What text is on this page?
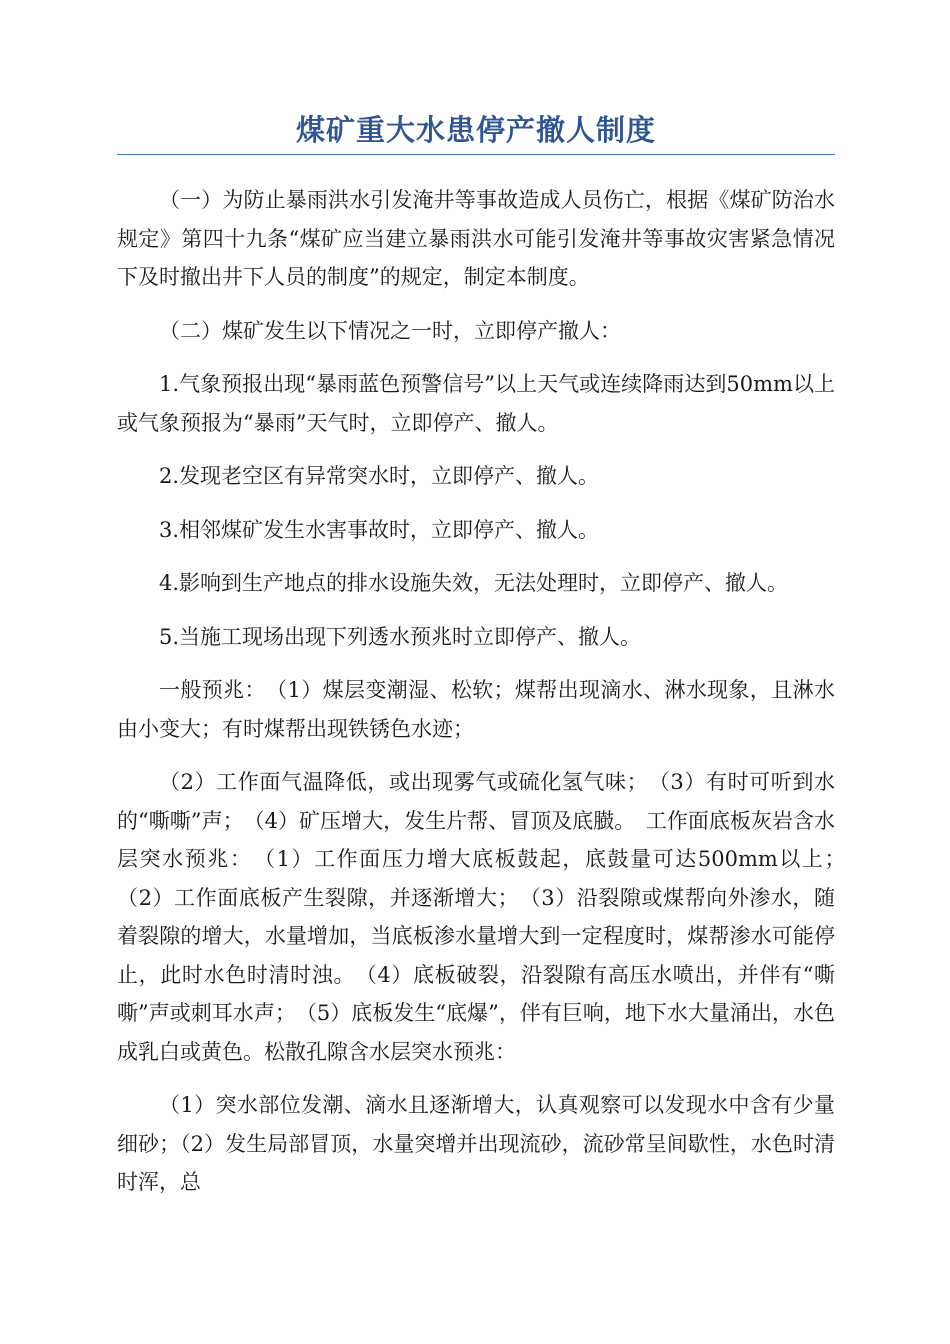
煤矿重大水患停产撤人制度

（一）为防止暴雨洪水引发淹井等事故造成人员伤亡，根据《煤矿防治水规定》第四十九条“煤矿应当建立暴雨洪水可能引发淹井等事故灾害紧急情况下及时撤出井下人员的制度”的规定，制定本制度。

（二）煤矿发生以下情况之一时，立即停产撤人：

1.气象预报出现“暴雨蓝色预警信号”以上天气或连续降雨达到50mm以上或气象预报为“暴雨”天气时，立即停产、撤人。

2.发现老空区有异常突水时，立即停产、撤人。

3.相邻煤矿发生水害事故时，立即停产、撤人。

4.影响到生产地点的排水设施失效，无法处理时，立即停产、撤人。

5.当施工现场出现下列透水预兆时立即停产、撤人。

一般预兆：　（1）煤层变潮湿、松软；煤帮出现滴水、淋水现象，且淋水由小变大；有时煤帮出现铁锈色水迹；

（2）工作面气温降低，或出现雾气或硫化氢气味；　（3）有时可听到水的“嘶嘶”声；　（4）矿压增大，发生片帮、冒顶及底臌。　工作面底板灰岩含水层突水预兆：　（1）工作面压力增大底板鼓起，底鼓量可达500mm以上；　（2）工作面底板产生裂隙，并逐渐增大；　（3）沿裂隙或煤帮向外渗水，随着裂隙的增大，水量增加，当底板渗水量增大到一定程度时，煤帮渗水可能停止，此时水色时清时浊。　（4）底板破裂，沿裂隙有高压水喷出，并伴有“嘶嘶”声或刺耳水声；　（5）底板发生“底爆”，伴有巨响，地下水大量涌出，水色成乳白或黄色。松散孔隙含水层突水预兆：

（1）突水部位发潮、滴水且逐渐增大，认真观察可以发现水中含有少量细砂；（2）发生局部冒顶，水量突增并出现流砂，流砂常呈间歇性，水色时清时浑，总
